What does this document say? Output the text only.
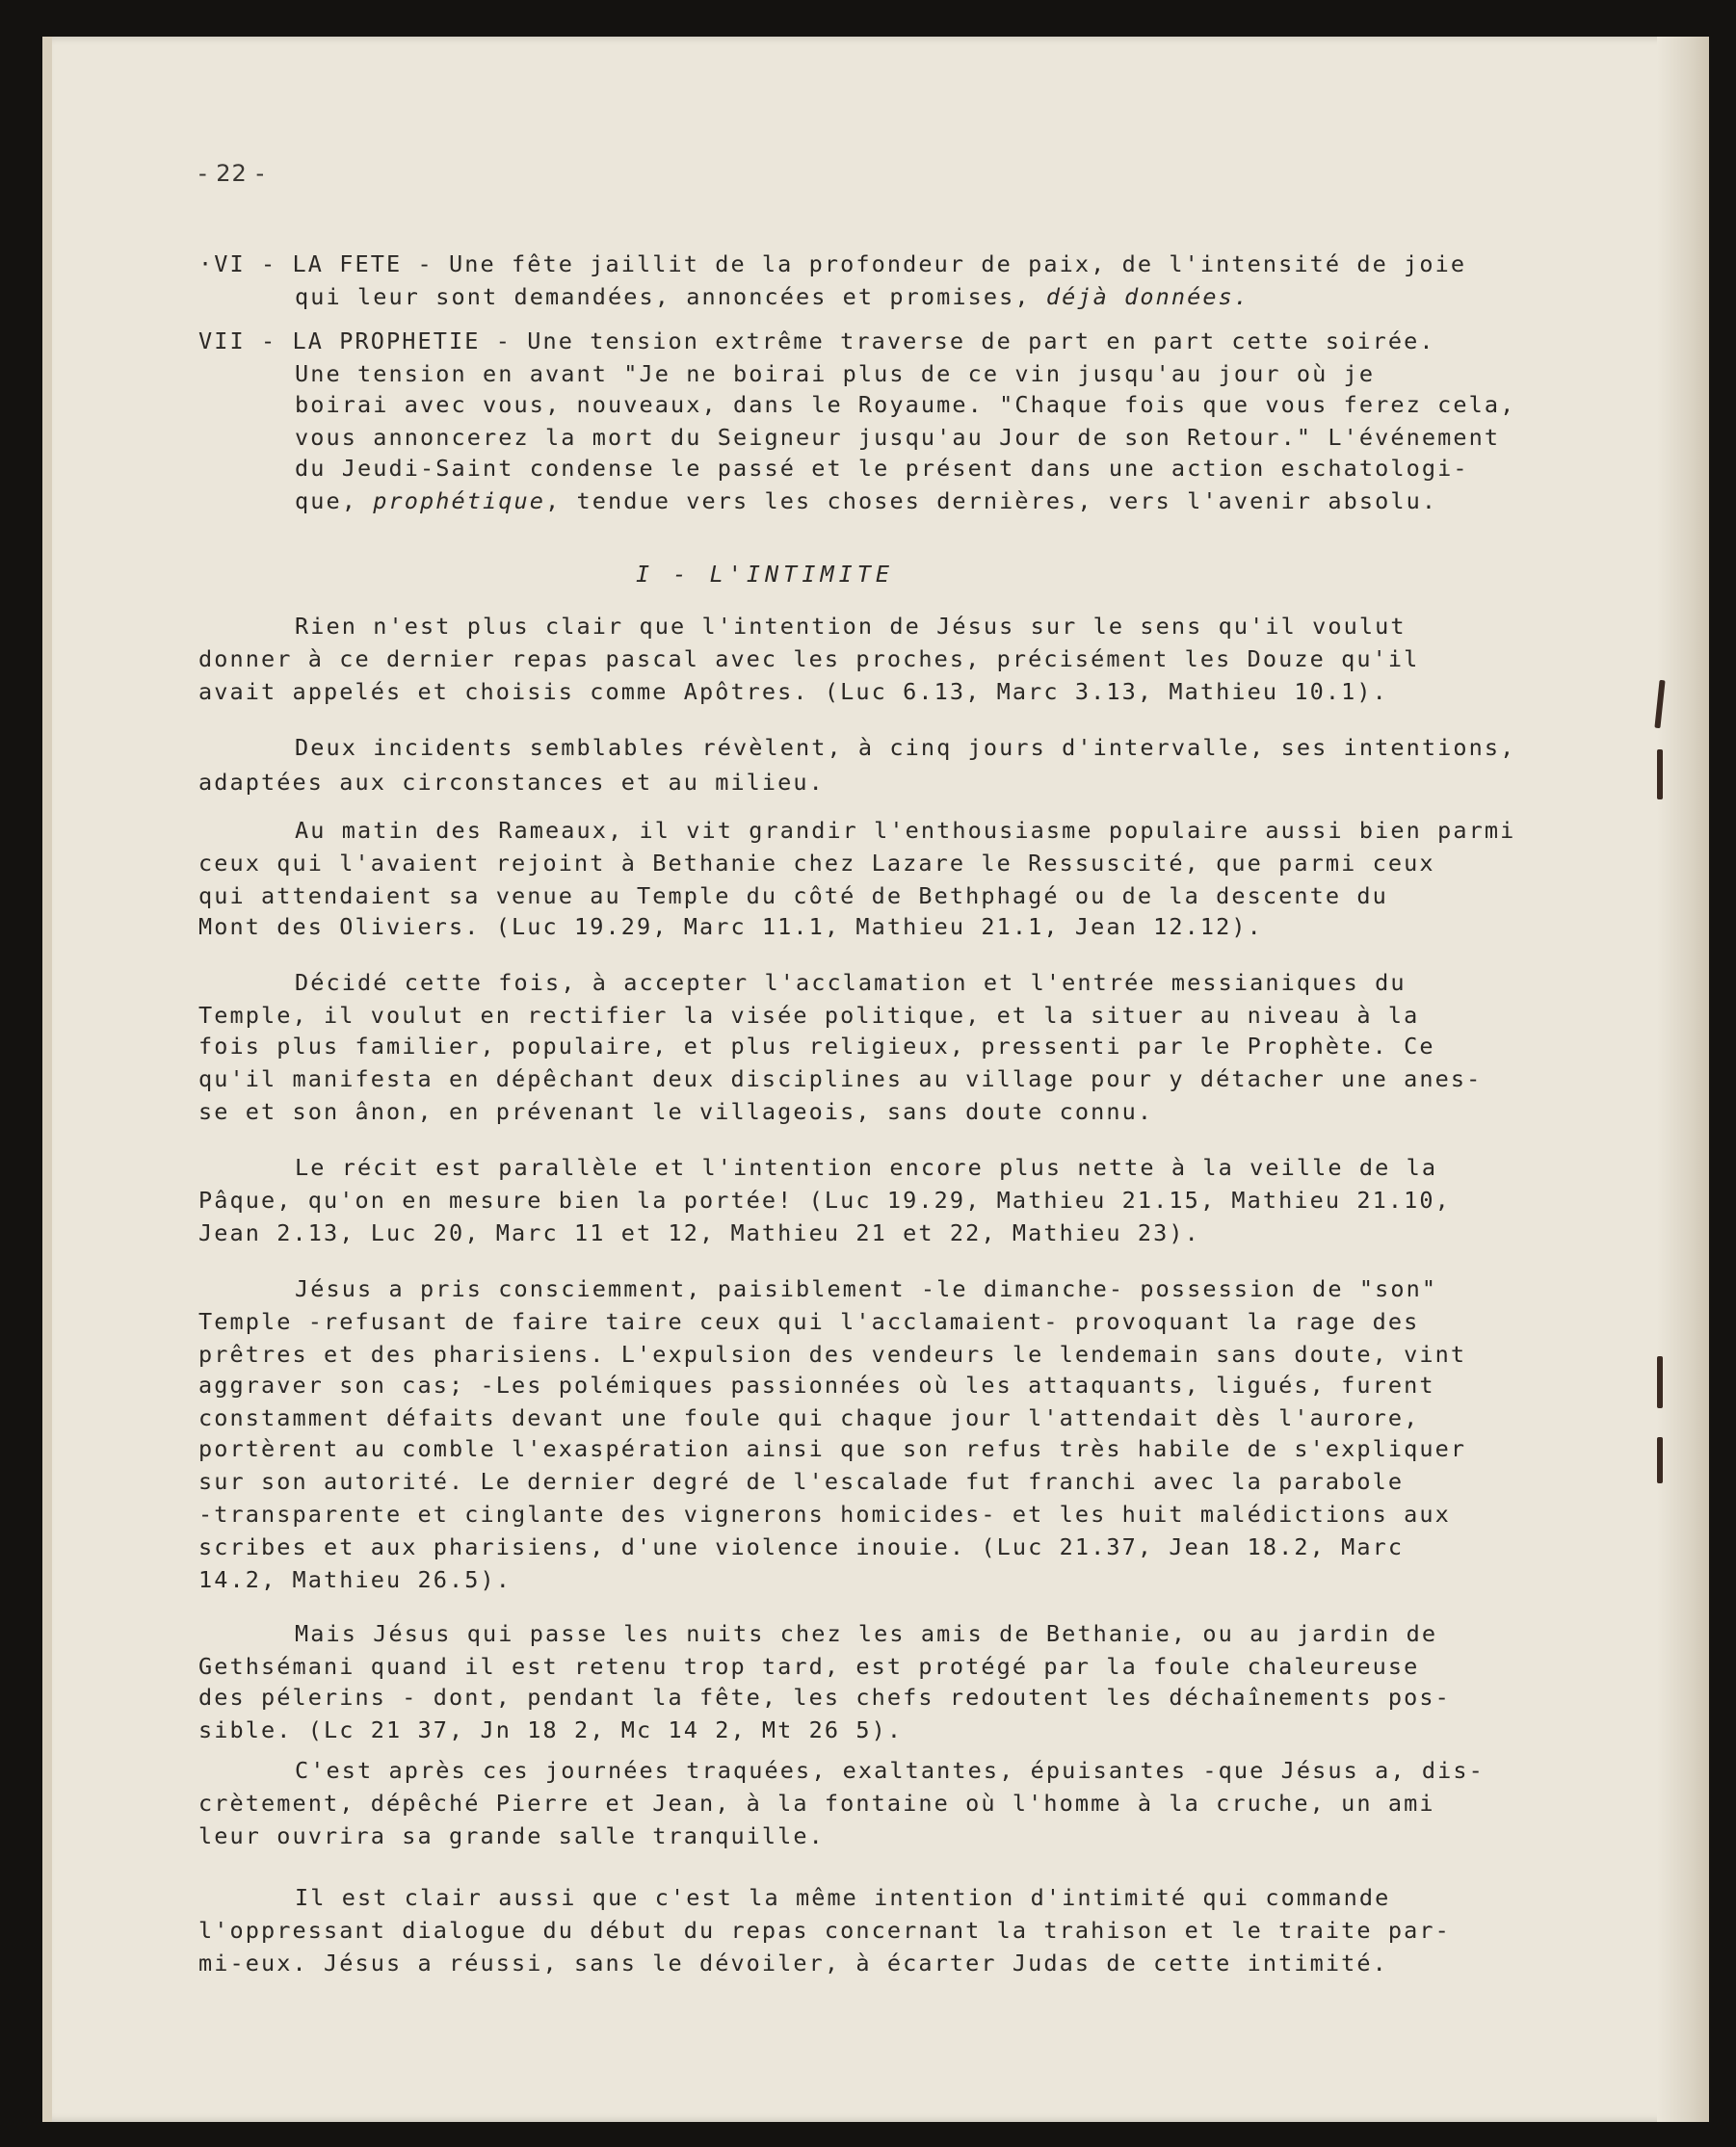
- 22 -
·VI - LA FETE - Une fête jaillit de la profondeur de paix, de l'intensité de joie
qui leur sont demandées, annoncées et promises, déjà données.
VII - LA PROPHETIE - Une tension extrême traverse de part en part cette soirée.
Une tension en avant "Je ne boirai plus de ce vin jusqu'au jour où je
boirai avec vous, nouveaux, dans le Royaume. "Chaque fois que vous ferez cela,
vous annoncerez la mort du Seigneur jusqu'au Jour de son Retour." L'événement
du Jeudi-Saint condense le passé et le présent dans une action eschatologi-
que, prophétique, tendue vers les choses dernières, vers l'avenir absolu.
I - L'INTIMITE
Rien n'est plus clair que l'intention de Jésus sur le sens qu'il voulut
donner à ce dernier repas pascal avec les proches, précisément les Douze qu'il
avait appelés et choisis comme Apôtres. (Luc 6.13, Marc 3.13, Mathieu 10.1).
Deux incidents semblables révèlent, à cinq jours d'intervalle, ses intentions,
adaptées aux circonstances et au milieu.
Au matin des Rameaux, il vit grandir l'enthousiasme populaire aussi bien parmi
ceux qui l'avaient rejoint à Bethanie chez Lazare le Ressuscité, que parmi ceux
qui attendaient sa venue au Temple du côté de Bethphagé ou de la descente du
Mont des Oliviers. (Luc 19.29, Marc 11.1, Mathieu 21.1, Jean 12.12).
Décidé cette fois, à accepter l'acclamation et l'entrée messianiques du
Temple, il voulut en rectifier la visée politique, et la situer au niveau à la
fois plus familier, populaire, et plus religieux, pressenti par le Prophète. Ce
qu'il manifesta en dépêchant deux disciplines au village pour y détacher une anes-
se et son ânon, en prévenant le villageois, sans doute connu.
Le récit est parallèle et l'intention encore plus nette à la veille de la
Pâque, qu'on en mesure bien la portée! (Luc 19.29, Mathieu 21.15, Mathieu 21.10,
Jean 2.13, Luc 20, Marc 11 et 12, Mathieu 21 et 22, Mathieu 23).
Jésus a pris consciemment, paisiblement -le dimanche- possession de "son"
Temple -refusant de faire taire ceux qui l'acclamaient- provoquant la rage des
prêtres et des pharisiens. L'expulsion des vendeurs le lendemain sans doute, vint
aggraver son cas; -Les polémiques passionnées où les attaquants, ligués, furent
constamment défaits devant une foule qui chaque jour l'attendait dès l'aurore,
portèrent au comble l'exaspération ainsi que son refus très habile de s'expliquer
sur son autorité. Le dernier degré de l'escalade fut franchi avec la parabole
-transparente et cinglante des vignerons homicides- et les huit malédictions aux
scribes et aux pharisiens, d'une violence inouie. (Luc 21.37, Jean 18.2, Marc
14.2, Mathieu 26.5).
Mais Jésus qui passe les nuits chez les amis de Bethanie, ou au jardin de
Gethsémani quand il est retenu trop tard, est protégé par la foule chaleureuse
des pélerins - dont, pendant la fête, les chefs redoutent les déchaînements pos-
sible. (Lc 21 37, Jn 18 2, Mc 14 2, Mt 26 5).
C'est après ces journées traquées, exaltantes, épuisantes -que Jésus a, dis-
crètement, dépêché Pierre et Jean, à la fontaine où l'homme à la cruche, un ami
leur ouvrira sa grande salle tranquille.
Il est clair aussi que c'est la même intention d'intimité qui commande
l'oppressant dialogue du début du repas concernant la trahison et le traite par-
mi-eux. Jésus a réussi, sans le dévoiler, à écarter Judas de cette intimité.
